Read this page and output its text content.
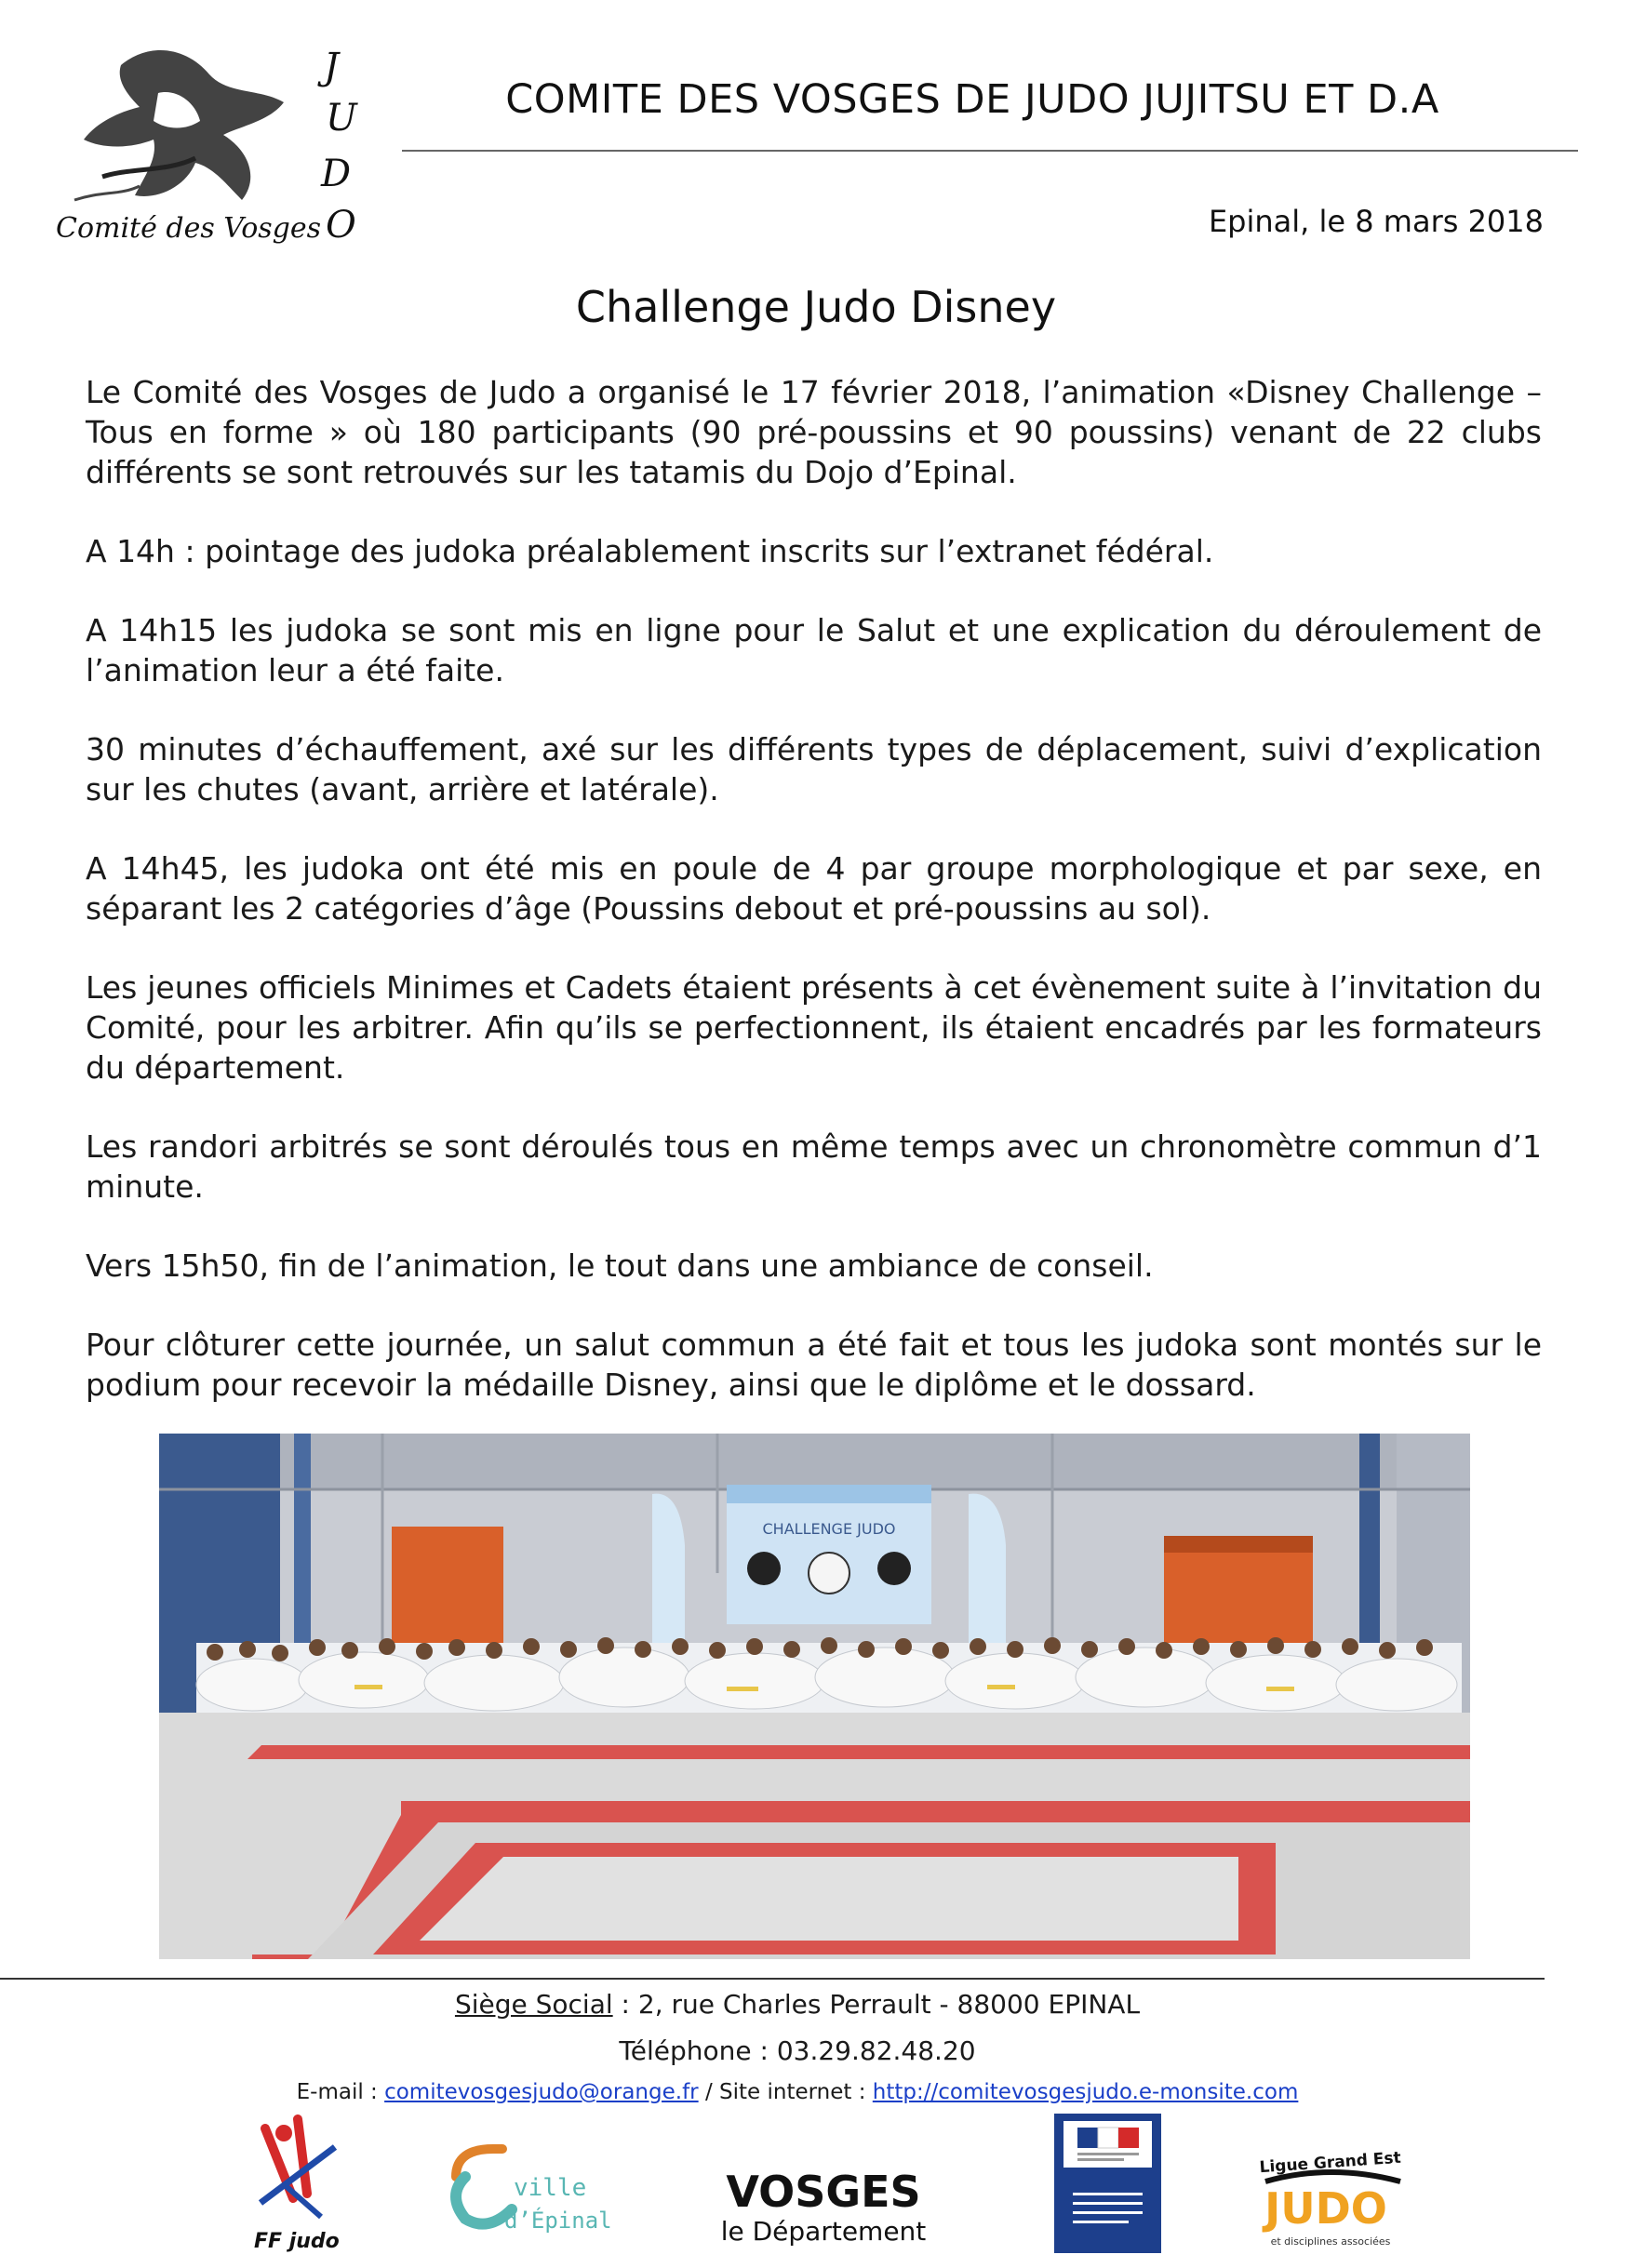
Comité des Vosges
J
U
D
O
COMITE DES VOSGES DE JUDO JUJITSU ET D.A
Epinal, le 8 mars 2018
Challenge Judo Disney

Le Comité des Vosges de Judo a organisé le 17 février 2018, l’animation «Disney Challenge – Tous en forme » où 180 participants (90 pré-poussins et 90 poussins) venant de 22 clubs différents se sont retrouvés sur les tatamis du Dojo d’Epinal.

A 14h : pointage des judoka préalablement inscrits sur l’extranet fédéral.

A 14h15 les judoka se sont mis en ligne pour le Salut et une explication du déroulement de l’animation leur a été faite.

30 minutes d’échauffement, axé sur les différents types de déplacement, suivi d’explication sur les chutes (avant, arrière et latérale).

A 14h45, les judoka ont été mis en poule de 4 par groupe morphologique et par sexe, en séparant les 2 catégories d’âge (Poussins debout et pré-poussins au sol).

Les jeunes officiels Minimes et Cadets étaient présents à cet évènement suite à l’invitation du Comité, pour les arbitrer. Afin qu’ils se perfectionnent, ils étaient encadrés par les formateurs du département.

Les randori arbitrés se sont déroulés tous en même temps avec un chronomètre commun d’1 minute.

Vers 15h50, fin de l’animation, le tout dans une ambiance de conseil.

Pour clôturer cette journée, un salut commun a été fait et tous les judoka sont montés sur le podium pour recevoir la médaille Disney, ainsi que le diplôme et le dossard.

CHALLENGE JUDO
Siège Social : 2, rue Charles Perrault - 88000 EPINAL
Téléphone : 03.29.82.48.20
E-mail : comitevosgesjudo@orange.fr / Site internet : http://comitevosgesjudo.e-monsite.com
FF judo
ville
d’Épinal
VOSGES
le Département
Ligue Grand Est
JUDO
et disciplines associées
